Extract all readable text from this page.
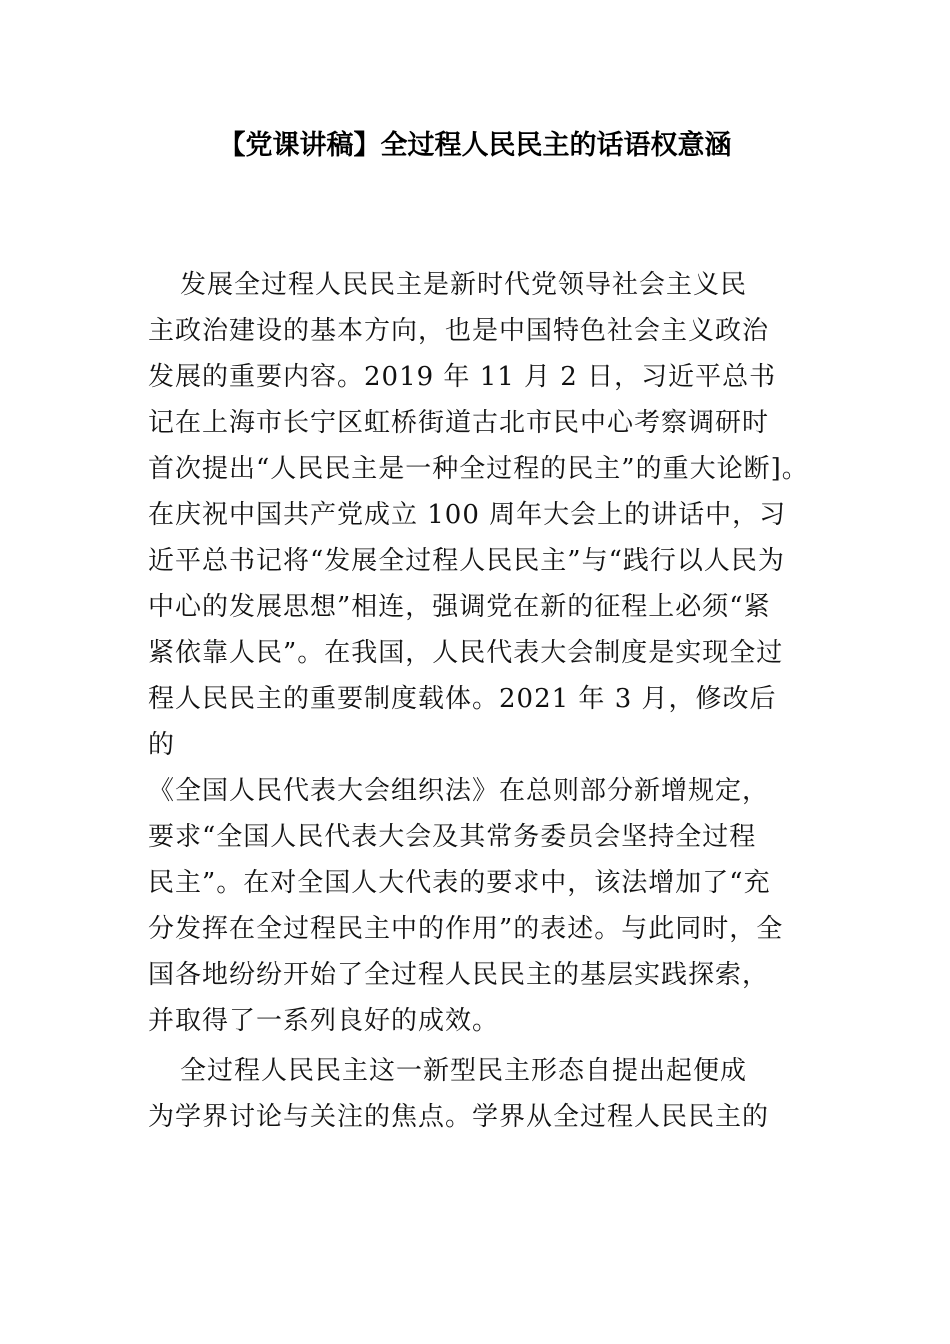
【党课讲稿】全过程人民民主的话语权意涵
发展全过程人民民主是新时代党领导社会主义民
主政治建设的基本方向，也是中国特色社会主义政治
发展的重要内容。2019 年 11 月 2 日，习近平总书
记在上海市长宁区虹桥街道古北市民中心考察调研时
首次提出“人民民主是一种全过程的民主”的重大论断]。
在庆祝中国共产党成立 100 周年大会上的讲话中，习
近平总书记将“发展全过程人民民主”与“践行以人民为
中心的发展思想”相连，强调党在新的征程上必须“紧
紧依靠人民”。在我国，人民代表大会制度是实现全过
程人民民主的重要制度载体。2021 年 3 月，修改后
的
《全国人民代表大会组织法》在总则部分新增规定，
要求“全国人民代表大会及其常务委员会坚持全过程
民主”。在对全国人大代表的要求中，该法增加了“充
分发挥在全过程民主中的作用”的表述。与此同时，全
国各地纷纷开始了全过程人民民主的基层实践探索，
并取得了一系列良好的成效。
全过程人民民主这一新型民主形态自提出起便成
为学界讨论与关注的焦点。学界从全过程人民民主的
